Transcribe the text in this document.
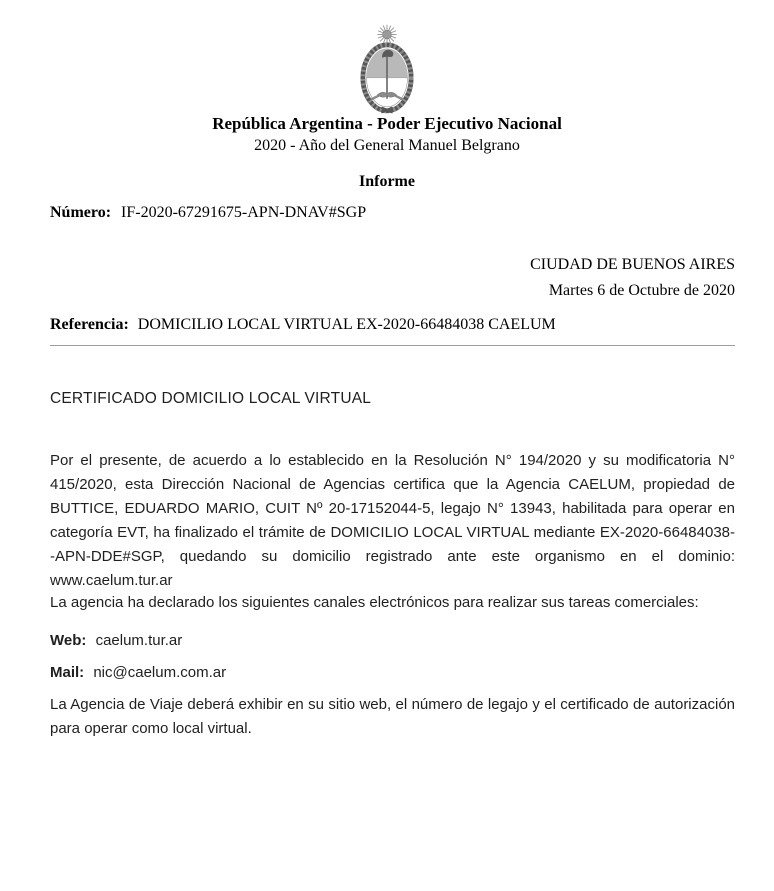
República Argentina - Poder Ejecutivo Nacional
2020 - Año del General Manuel Belgrano
Informe
Número: IF-2020-67291675-APN-DNAV#SGP
CIUDAD DE BUENOS AIRES
Martes 6 de Octubre de 2020
Referencia: DOMICILIO LOCAL VIRTUAL EX-2020-66484038 CAELUM
CERTIFICADO DOMICILIO LOCAL VIRTUAL
Por el presente, de acuerdo a lo establecido en la Resolución N° 194/2020 y su modificatoria N° 415/2020, esta Dirección Nacional de Agencias certifica que la Agencia CAELUM, propiedad de BUTTICE, EDUARDO MARIO, CUIT Nº 20-17152044-5, legajo N° 13943, habilitada para operar en categoría EVT, ha finalizado el trámite de DOMICILIO LOCAL VIRTUAL mediante EX-2020-66484038- -APN-DDE#SGP, quedando su domicilio registrado ante este organismo en el dominio: www.caelum.tur.ar
La agencia ha declarado los siguientes canales electrónicos para realizar sus tareas comerciales:
Web: caelum.tur.ar
Mail: nic@caelum.com.ar
La Agencia de Viaje deberá exhibir en su sitio web, el número de legajo y el certificado de autorización para operar como local virtual.
